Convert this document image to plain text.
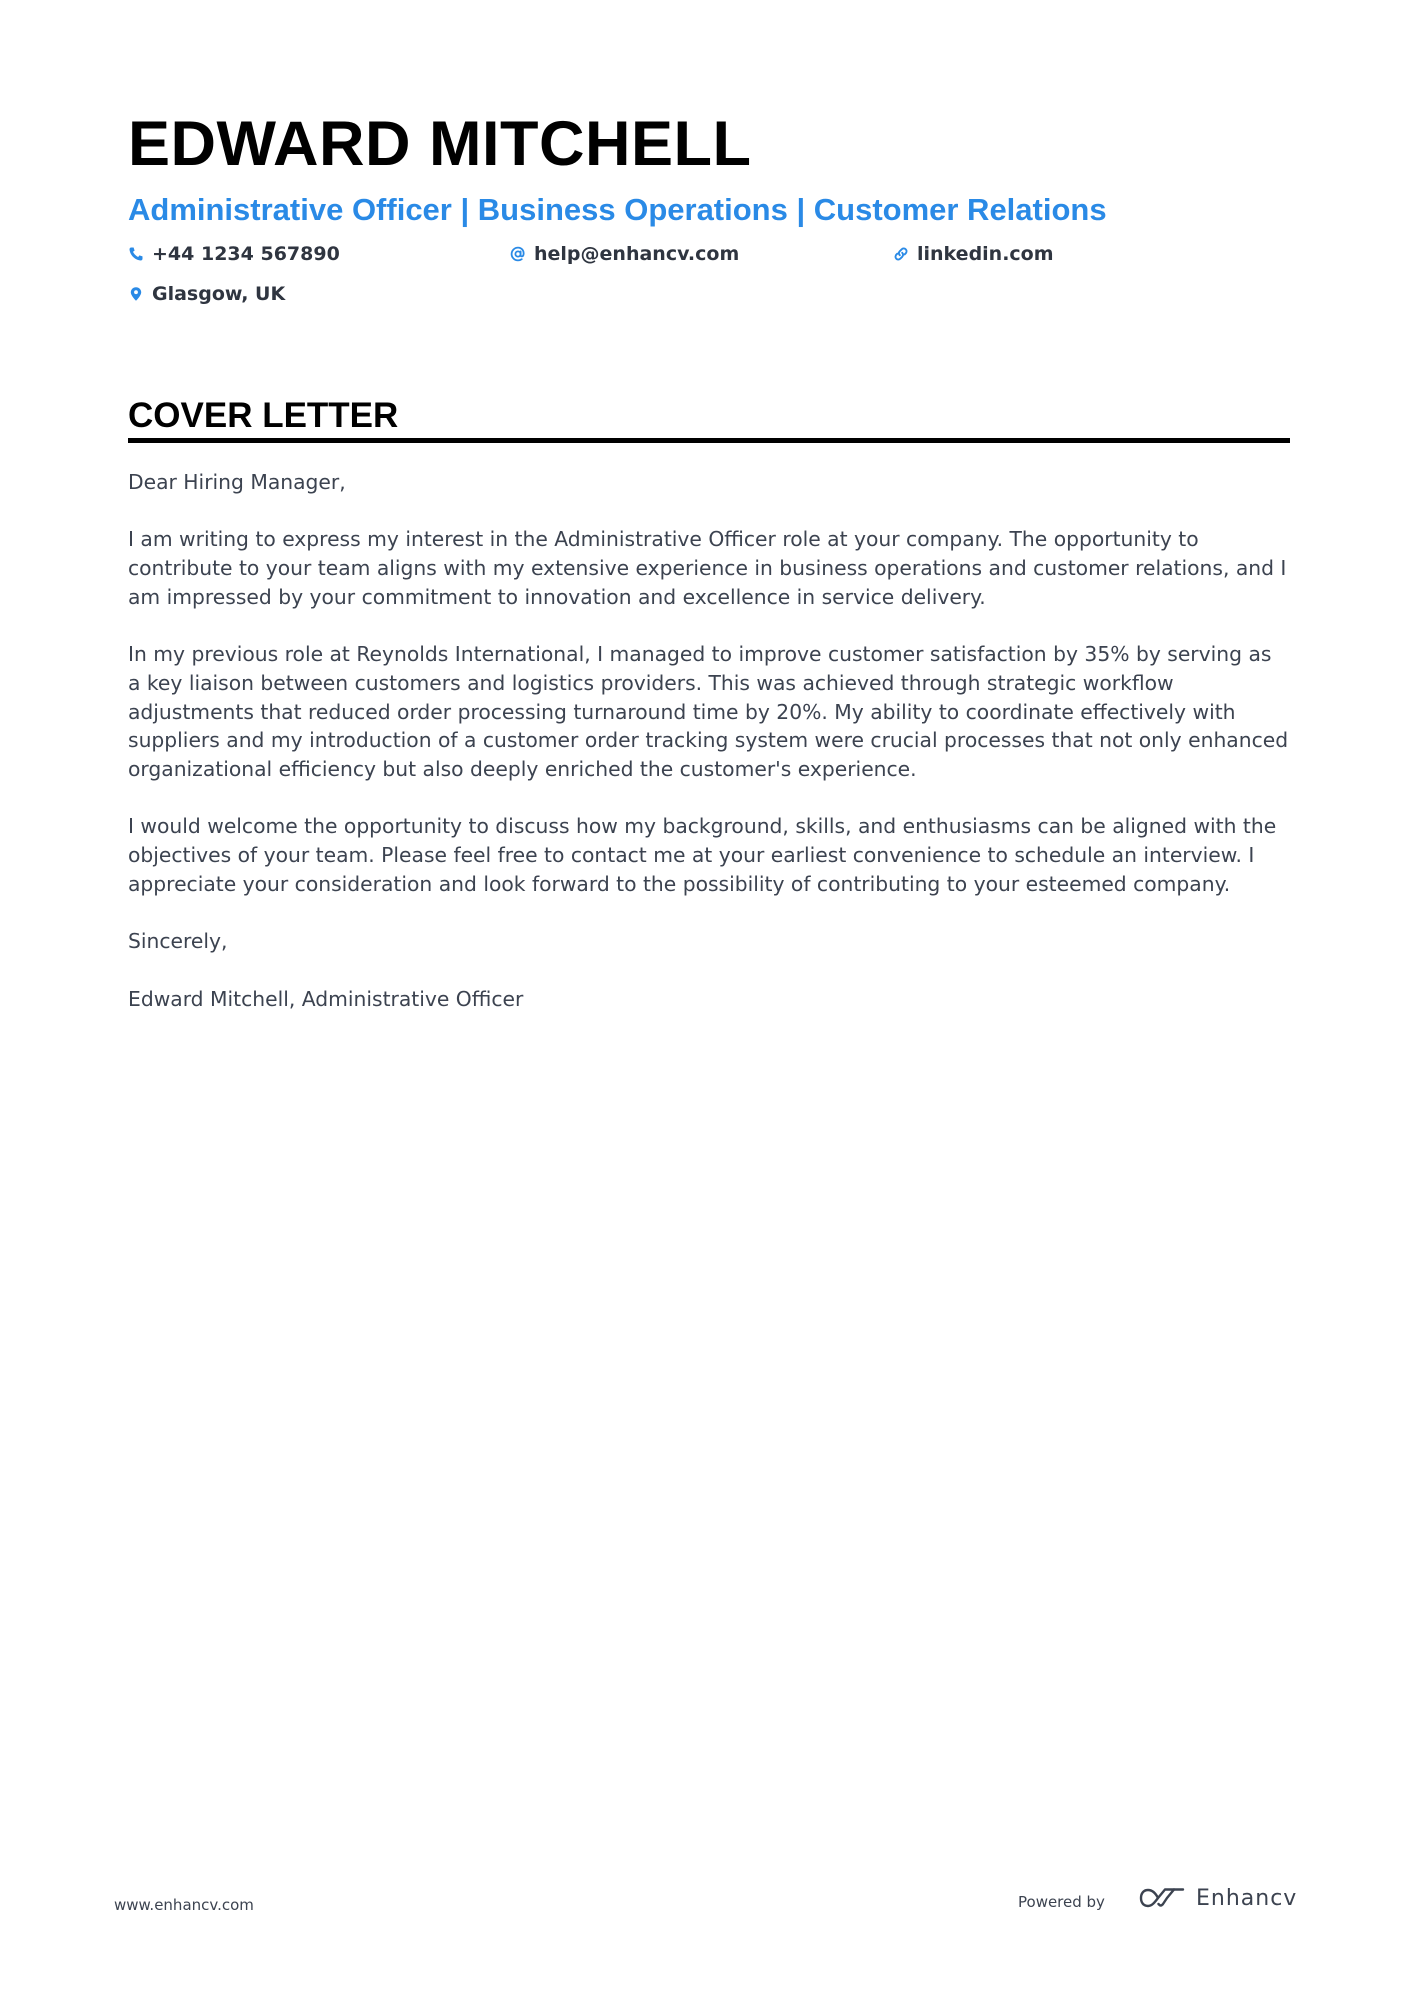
EDWARD MITCHELL
Administrative Officer | Business Operations | Customer Relations
+44 1234 567890	help@enhancv.com	linkedin.com
Glasgow, UK
COVER LETTER

Dear Hiring Manager,

I am writing to express my interest in the Administrative Officer role at your company. The opportunity to contribute to your team aligns with my extensive experience in business operations and customer relations, and I am impressed by your commitment to innovation and excellence in service delivery.

In my previous role at Reynolds International, I managed to improve customer satisfaction by 35% by serving as a key liaison between customers and logistics providers. This was achieved through strategic workflow adjustments that reduced order processing turnaround time by 20%. My ability to coordinate effectively with suppliers and my introduction of a customer order tracking system were crucial processes that not only enhanced organizational efficiency but also deeply enriched the customer's experience.

I would welcome the opportunity to discuss how my background, skills, and enthusiasms can be aligned with the objectives of your team. Please feel free to contact me at your earliest convenience to schedule an interview. I appreciate your consideration and look forward to the possibility of contributing to your esteemed company.

Sincerely,

Edward Mitchell, Administrative Officer

www.enhancv.com	Powered by	Enhancv
